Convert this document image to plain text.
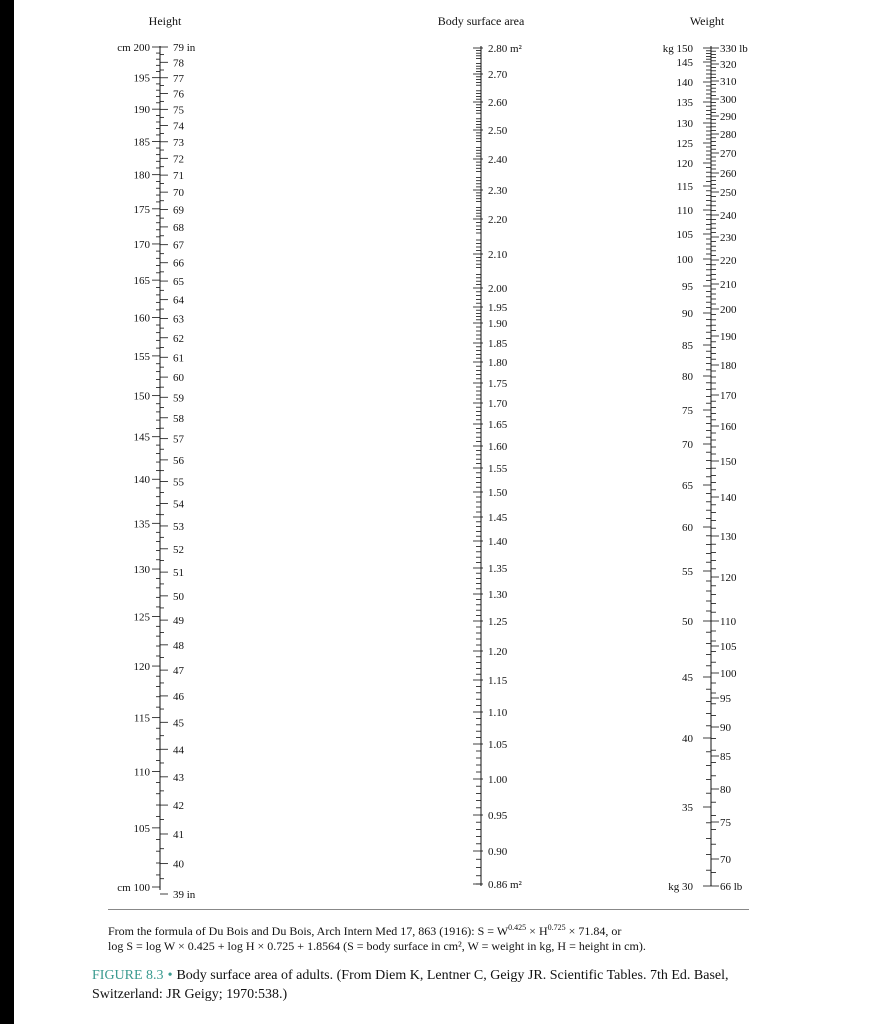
Height	Body surface area	Weight
cm 200
195
190
185
180
175
170
165
160
155
150
145
140
135
130
125
120
115
110
105
cm 100
79 in
78
77
76
75
74
73
72
71
70
69
68
67
66
65
64
63
62
61
60
59
58
57
56
55
54
53
52
51
50
49
48
47
46
45
44
43
42
41
40
39 in
2.80 m²
2.70
2.60
2.50
2.40
2.30
2.20
2.10
2.00
1.95
1.90
1.85
1.80
1.75
1.70
1.65
1.60
1.55
1.50
1.45
1.40
1.35
1.30
1.25
1.20
1.15
1.10
1.05
1.00
0.95
0.90
0.86 m²
kg 150
145
140
135
130
125
120
115
110
105
100
95
90
85
80
75
70
65
60
55
50
45
40
35
kg 30
330 lb
320
310
300
290
280
270
260
250
240
230
220
210
200
190
180
170
160
150
140
130
120
110
105
100
95
90
85
80
75
70
66 lb
From the formula of Du Bois and Du Bois, Arch Intern Med 17, 863 (1916): $S = W^{0.425} \times H^{0.725} \times 71.84$, or
log S = log W × 0.425 + log H × 0.725 + 1.8564 (S = body surface in cm², W = weight in kg, H = height in cm).
FIGURE 8.3 • Body surface area of adults. (From Diem K, Lentner C, Geigy JR. Scientific Tables. 7th Ed. Basel, Switzerland: JR Geigy; 1970:538.)
